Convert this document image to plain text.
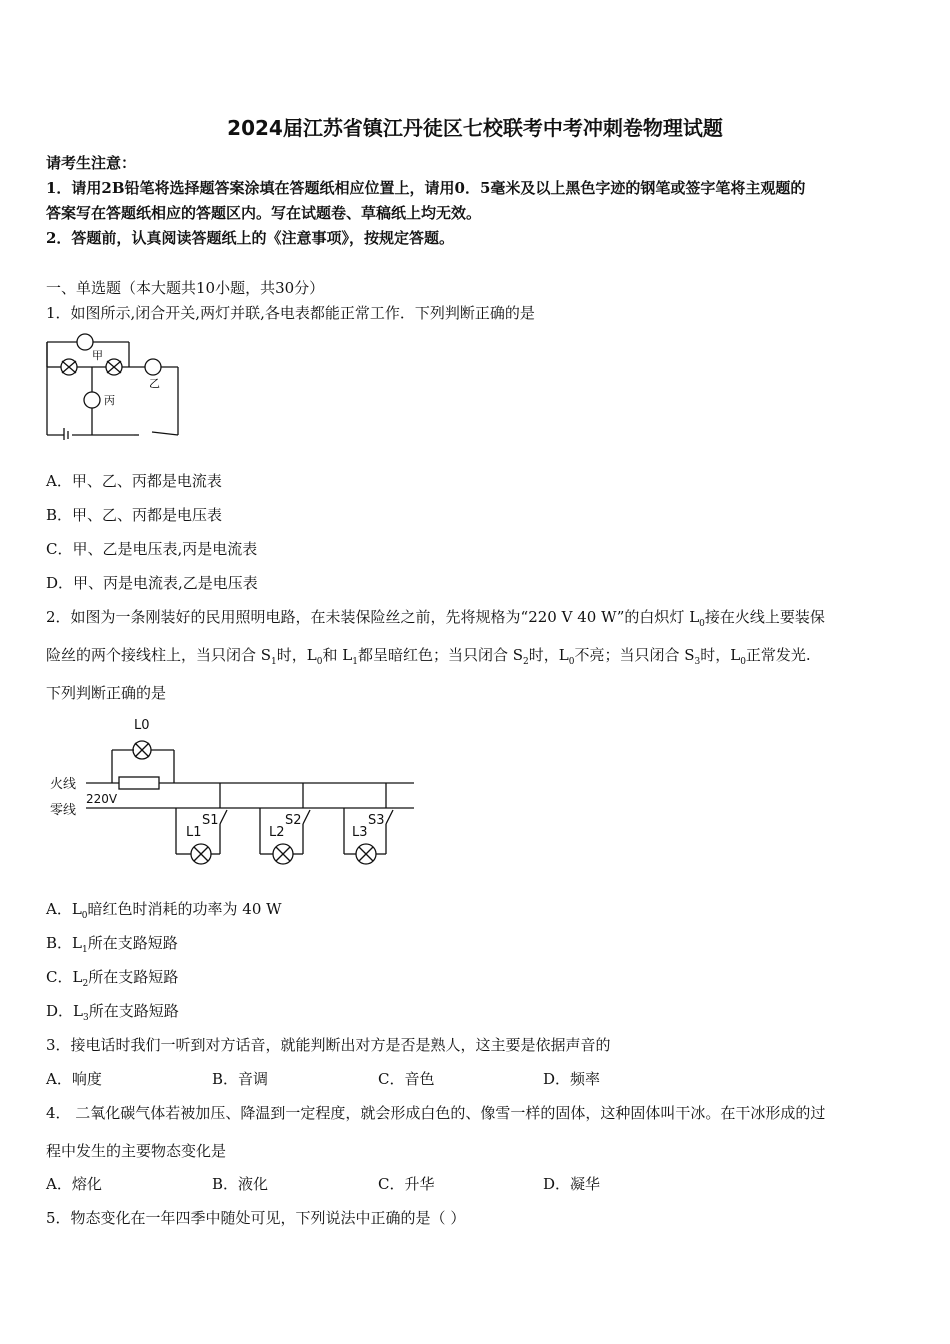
2024届江苏省镇江丹徒区七校联考中考冲刺卷物理试题
请考生注意：
1．请用2B铅笔将选择题答案涂填在答题纸相应位置上，请用0．5毫米及以上黑色字迹的钢笔或签字笔将主观题的
答案写在答题纸相应的答题区内。写在试题卷、草稿纸上均无效。
2．答题前，认真阅读答题纸上的《注意事项》，按规定答题。
一、单选题（本大题共10小题，共30分）
1．如图所示,闭合开关,两灯并联,各电表都能正常工作．下列判断正确的是
甲
乙
丙
A．甲、乙、丙都是电流表
B．甲、乙、丙都是电压表
C．甲、乙是电压表,丙是电流表
D．甲、丙是电流表,乙是电压表
2．如图为一条刚装好的民用照明电路，在未装保险丝之前，先将规格为“220 V 40 W”的白炽灯 $L_0$接在火线上要装保
险丝的两个接线柱上，当只闭合 $S_1$时，$L_0$和 $L_1$都呈暗红色；当只闭合 $S_2$时，$L_0$不亮；当只闭合 $S_3$时，$L_0$正常发光.
下列判断正确的是
L0
火线
220V
零线
L1
S1
L2
S2
L3
S3
A．$L_0$暗红色时消耗的功率为 40 W
B．$L_1$所在支路短路
C．$L_2$所在支路短路
D．$L_3$所在支路短路
3．接电话时我们一听到对方话音，就能判断出对方是否是熟人，这主要是依据声音的
A．响度	B．音调	C．音色	D．频率
4． 二氧化碳气体若被加压、降温到一定程度，就会形成白色的、像雪一样的固体，这种固体叫干冰。在干冰形成的过
程中发生的主要物态变化是
A．熔化	B．液化	C．升华	D．凝华
5．物态变化在一年四季中随处可见，下列说法中正确的是（ ）
